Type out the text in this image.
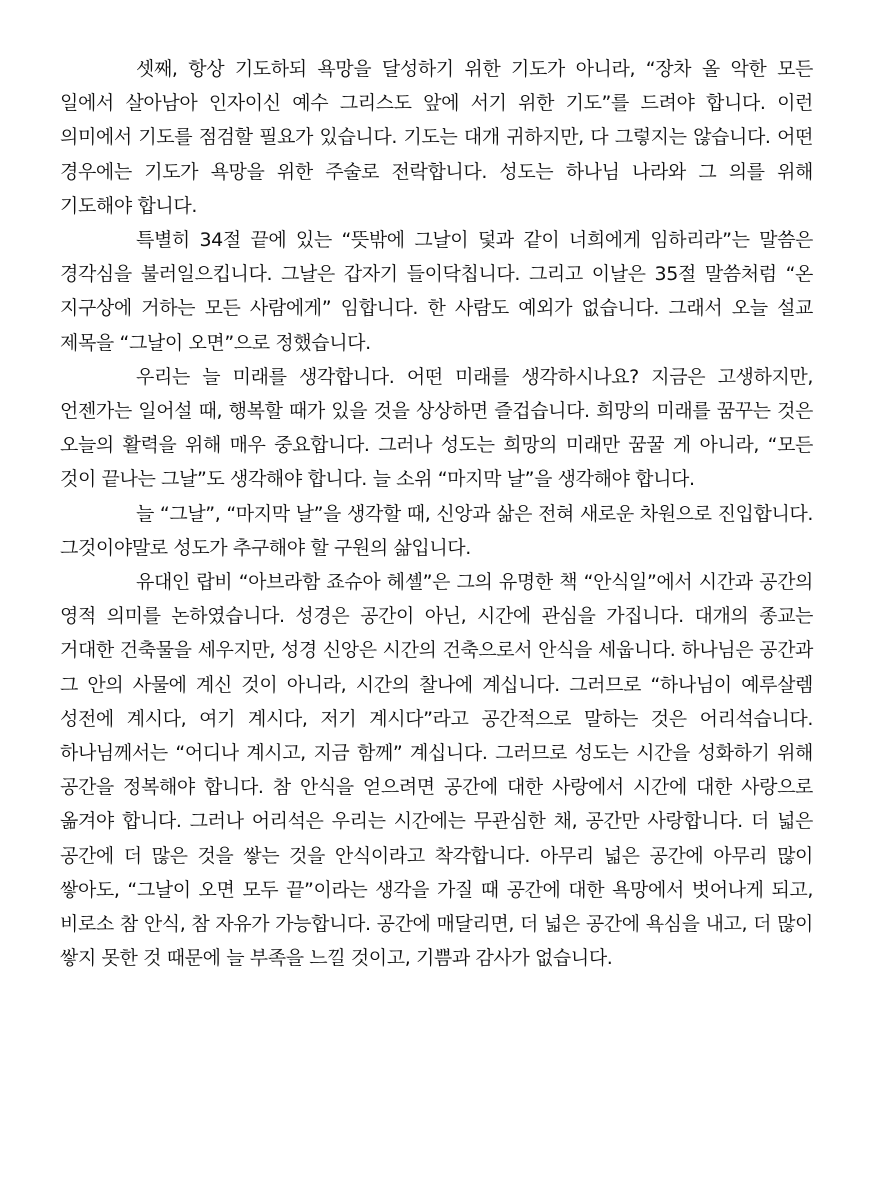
셋째, 항상 기도하되 욕망을 달성하기 위한 기도가 아니라, “장차 올 악한 모든 일에서 살아남아 인자이신 예수 그리스도 앞에 서기 위한 기도”를 드려야 합니다. 이런 의미에서 기도를 점검할 필요가 있습니다. 기도는 대개 귀하지만, 다 그렇지는 않습니다. 어떤 경우에는 기도가 욕망을 위한 주술로 전락합니다. 성도는 하나님 나라와 그 의를 위해 기도해야 합니다.

특별히 34절 끝에 있는 “뜻밖에 그날이 덫과 같이 너희에게 임하리라”는 말씀은 경각심을 불러일으킵니다. 그날은 갑자기 들이닥칩니다. 그리고 이날은 35절 말씀처럼 “온 지구상에 거하는 모든 사람에게” 임합니다. 한 사람도 예외가 없습니다. 그래서 오늘 설교 제목을 “그날이 오면”으로 정했습니다.

우리는 늘 미래를 생각합니다. 어떤 미래를 생각하시나요? 지금은 고생하지만, 언젠가는 일어설 때, 행복할 때가 있을 것을 상상하면 즐겁습니다. 희망의 미래를 꿈꾸는 것은 오늘의 활력을 위해 매우 중요합니다. 그러나 성도는 희망의 미래만 꿈꿀 게 아니라, “모든 것이 끝나는 그날”도 생각해야 합니다. 늘 소위 “마지막 날”을 생각해야 합니다.

늘 “그날”, “마지막 날”을 생각할 때, 신앙과 삶은 전혀 새로운 차원으로 진입합니다. 그것이야말로 성도가 추구해야 할 구원의 삶입니다.

유대인 랍비 “아브라함 죠슈아 헤셸”은 그의 유명한 책 “안식일”에서 시간과 공간의 영적 의미를 논하였습니다. 성경은 공간이 아닌, 시간에 관심을 가집니다. 대개의 종교는 거대한 건축물을 세우지만, 성경 신앙은 시간의 건축으로서 안식을 세웁니다. 하나님은 공간과 그 안의 사물에 계신 것이 아니라, 시간의 찰나에 계십니다. 그러므로 “하나님이 예루살렘 성전에 계시다, 여기 계시다, 저기 계시다”라고 공간적으로 말하는 것은 어리석습니다. 하나님께서는 “어디나 계시고, 지금 함께” 계십니다. 그러므로 성도는 시간을 성화하기 위해 공간을 정복해야 합니다. 참 안식을 얻으려면 공간에 대한 사랑에서 시간에 대한 사랑으로 옮겨야 합니다. 그러나 어리석은 우리는 시간에는 무관심한 채, 공간만 사랑합니다. 더 넓은 공간에 더 많은 것을 쌓는 것을 안식이라고 착각합니다. 아무리 넓은 공간에 아무리 많이 쌓아도, “그날이 오면 모두 끝”이라는 생각을 가질 때 공간에 대한 욕망에서 벗어나게 되고, 비로소 참 안식, 참 자유가 가능합니다. 공간에 매달리면, 더 넓은 공간에 욕심을 내고, 더 많이 쌓지 못한 것 때문에 늘 부족을 느낄 것이고, 기쁨과 감사가 없습니다.
